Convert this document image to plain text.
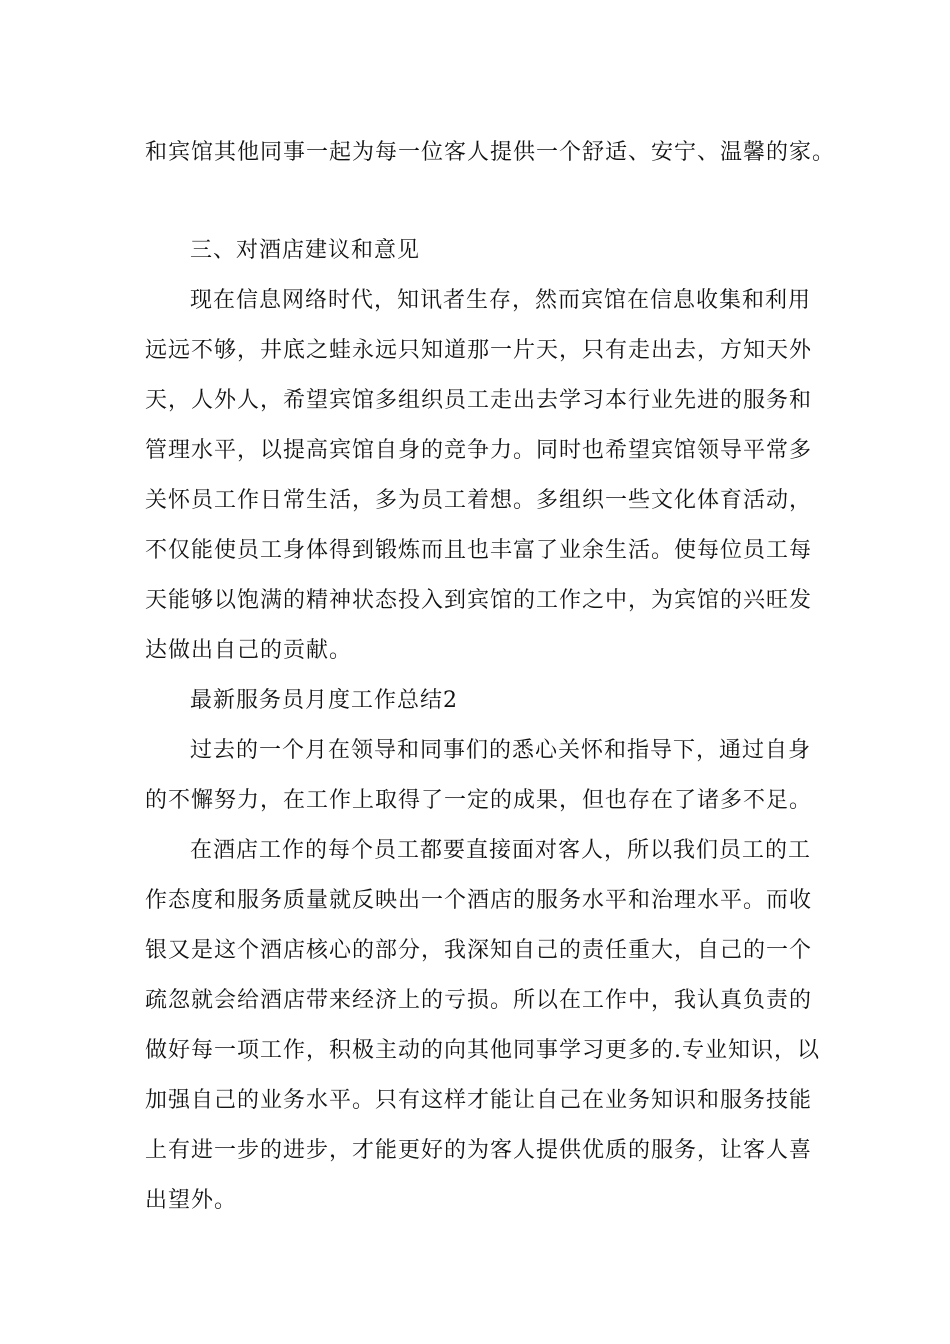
和宾馆其他同事一起为每一位客人提供一个舒适、安宁、温馨的家。

三、对酒店建议和意见

现在信息网络时代，知讯者生存，然而宾馆在信息收集和利用

远远不够，井底之蛙永远只知道那一片天，只有走出去，方知天外

天，人外人，希望宾馆多组织员工走出去学习本行业先进的服务和

管理水平，以提高宾馆自身的竞争力。同时也希望宾馆领导平常多

关怀员工作日常生活，多为员工着想。多组织一些文化体育活动，

不仅能使员工身体得到锻炼而且也丰富了业余生活。使每位员工每

天能够以饱满的精神状态投入到宾馆的工作之中，为宾馆的兴旺发

达做出自己的贡献。

最新服务员月度工作总结2

过去的一个月在领导和同事们的悉心关怀和指导下，通过自身

的不懈努力，在工作上取得了一定的成果，但也存在了诸多不足。

在酒店工作的每个员工都要直接面对客人，所以我们员工的工

作态度和服务质量就反映出一个酒店的服务水平和治理水平。而收

银又是这个酒店核心的部分，我深知自己的责任重大，自己的一个

疏忽就会给酒店带来经济上的亏损。所以在工作中，我认真负责的

做好每一项工作，积极主动的向其他同事学习更多的.专业知识，以

加强自己的业务水平。只有这样才能让自己在业务知识和服务技能

上有进一步的进步，才能更好的为客人提供优质的服务，让客人喜

出望外。
